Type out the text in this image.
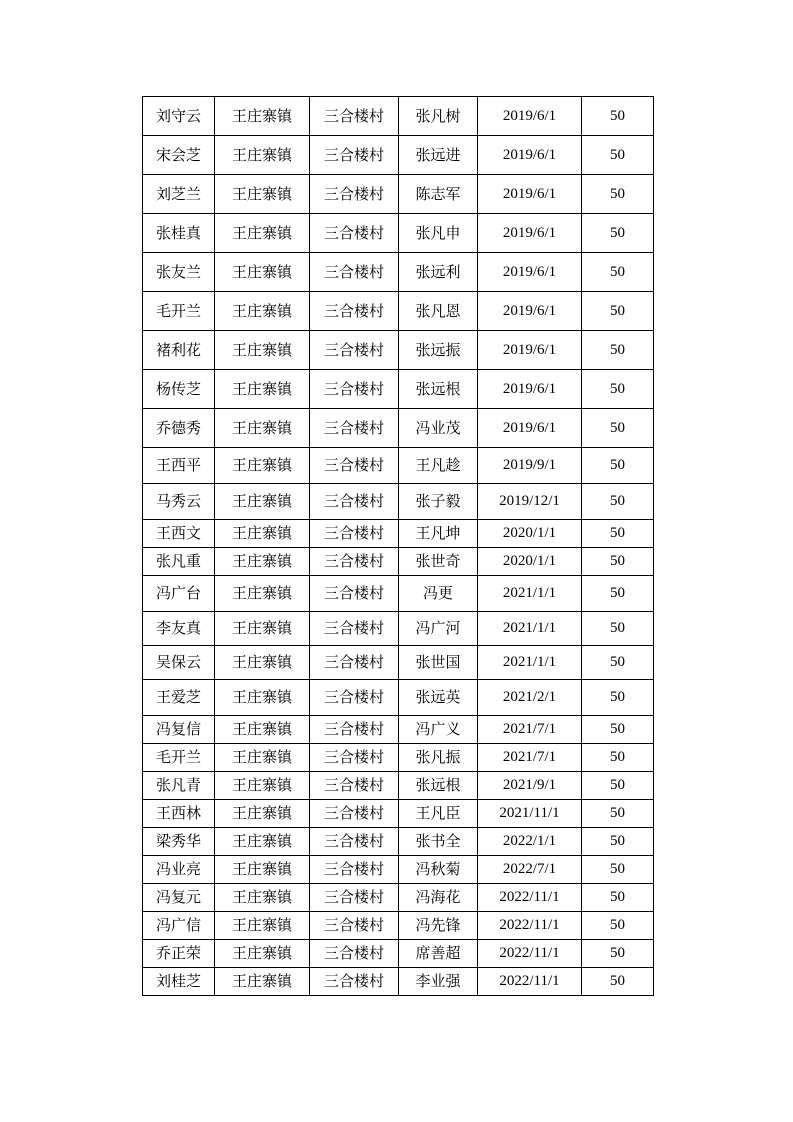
刘守云	王庄寨镇	三合楼村	张凡树	2019/6/1	50
宋会芝	王庄寨镇	三合楼村	张远进	2019/6/1	50
刘芝兰	王庄寨镇	三合楼村	陈志军	2019/6/1	50
张桂真	王庄寨镇	三合楼村	张凡申	2019/6/1	50
张友兰	王庄寨镇	三合楼村	张远利	2019/6/1	50
毛开兰	王庄寨镇	三合楼村	张凡恩	2019/6/1	50
褚利花	王庄寨镇	三合楼村	张远振	2019/6/1	50
杨传芝	王庄寨镇	三合楼村	张远根	2019/6/1	50
乔德秀	王庄寨镇	三合楼村	冯业茂	2019/6/1	50
王西平	王庄寨镇	三合楼村	王凡趁	2019/9/1	50
马秀云	王庄寨镇	三合楼村	张子毅	2019/12/1	50
王西文	王庄寨镇	三合楼村	王凡坤	2020/1/1	50
张凡重	王庄寨镇	三合楼村	张世奇	2020/1/1	50
冯广台	王庄寨镇	三合楼村	冯更	2021/1/1	50
李友真	王庄寨镇	三合楼村	冯广河	2021/1/1	50
吴保云	王庄寨镇	三合楼村	张世国	2021/1/1	50
王爱芝	王庄寨镇	三合楼村	张远英	2021/2/1	50
冯复信	王庄寨镇	三合楼村	冯广义	2021/7/1	50
毛开兰	王庄寨镇	三合楼村	张凡振	2021/7/1	50
张凡青	王庄寨镇	三合楼村	张远根	2021/9/1	50
王西林	王庄寨镇	三合楼村	王凡臣	2021/11/1	50
梁秀华	王庄寨镇	三合楼村	张书全	2022/1/1	50
冯业亮	王庄寨镇	三合楼村	冯秋菊	2022/7/1	50
冯复元	王庄寨镇	三合楼村	冯海花	2022/11/1	50
冯广信	王庄寨镇	三合楼村	冯先锋	2022/11/1	50
乔正荣	王庄寨镇	三合楼村	席善超	2022/11/1	50
刘桂芝	王庄寨镇	三合楼村	李业强	2022/11/1	50
